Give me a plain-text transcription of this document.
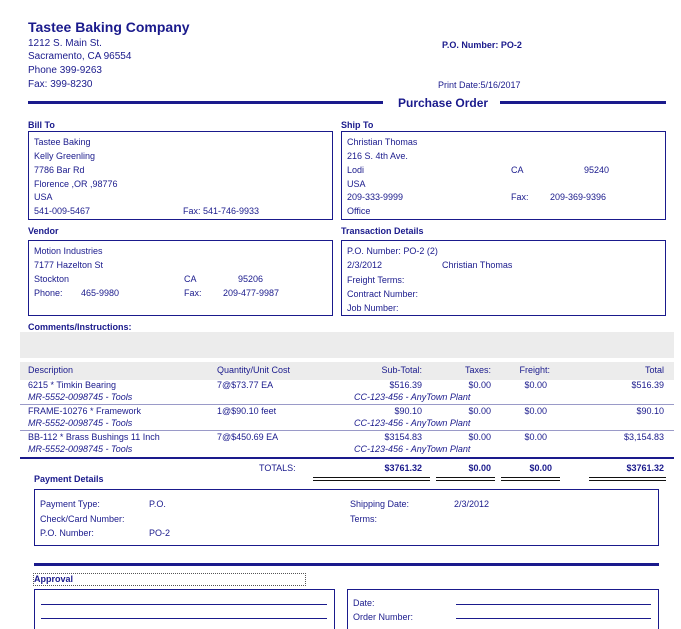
Tastee Baking Company
1212 S. Main St.
Sacramento, CA 96554
Phone 399-9263
Fax: 399-8230
P.O. Number: PO-2
Print Date:5/16/2017
Purchase Order
Bill To
Tastee Baking
Kelly Greenling
7786 Bar Rd
Florence ,OR ,98776
USA
541-009-5467	Fax: 541-746-9933
Ship To
Christian Thomas
216 S. 4th Ave.
Lodi	CA	95240
USA
209-333-9999	Fax: 209-369-9396
Office
Vendor
Motion Industries
7177 Hazelton St
Stockton	CA	95206
Phone: 465-9980	Fax: 209-477-9987
Transaction Details
P.O. Number: PO-2 (2)
2/3/2012	Christian Thomas
Freight Terms:
Contract Number:
Job Number:
Comments/Instructions:
Description	Quantity/Unit Cost	Sub-Total:	Taxes:	Freight:	Total
6215 * Timkin Bearing	7@$73.77 EA	$516.39	$0.00	$0.00	$516.39
MR-5552-0098745 - Tools	CC-123-456 - AnyTown Plant
FRAME-10276 * Framework	1@$90.10 feet	$90.10	$0.00	$0.00	$90.10
MR-5552-0098745 - Tools	CC-123-456 - AnyTown Plant
BB-112 * Brass Bushings 11 Inch	7@$450.69 EA	$3154.83	$0.00	$0.00	$3,154.83
MR-5552-0098745 - Tools	CC-123-456 - AnyTown Plant
TOTALS:	$3761.32	$0.00	$0.00	$3761.32
Payment Details
Payment Type:	P.O.
Check/Card Number:
P.O. Number:	PO-2
Shipping Date:	2/3/2012
Terms:
Approval
Date:
Order Number:
